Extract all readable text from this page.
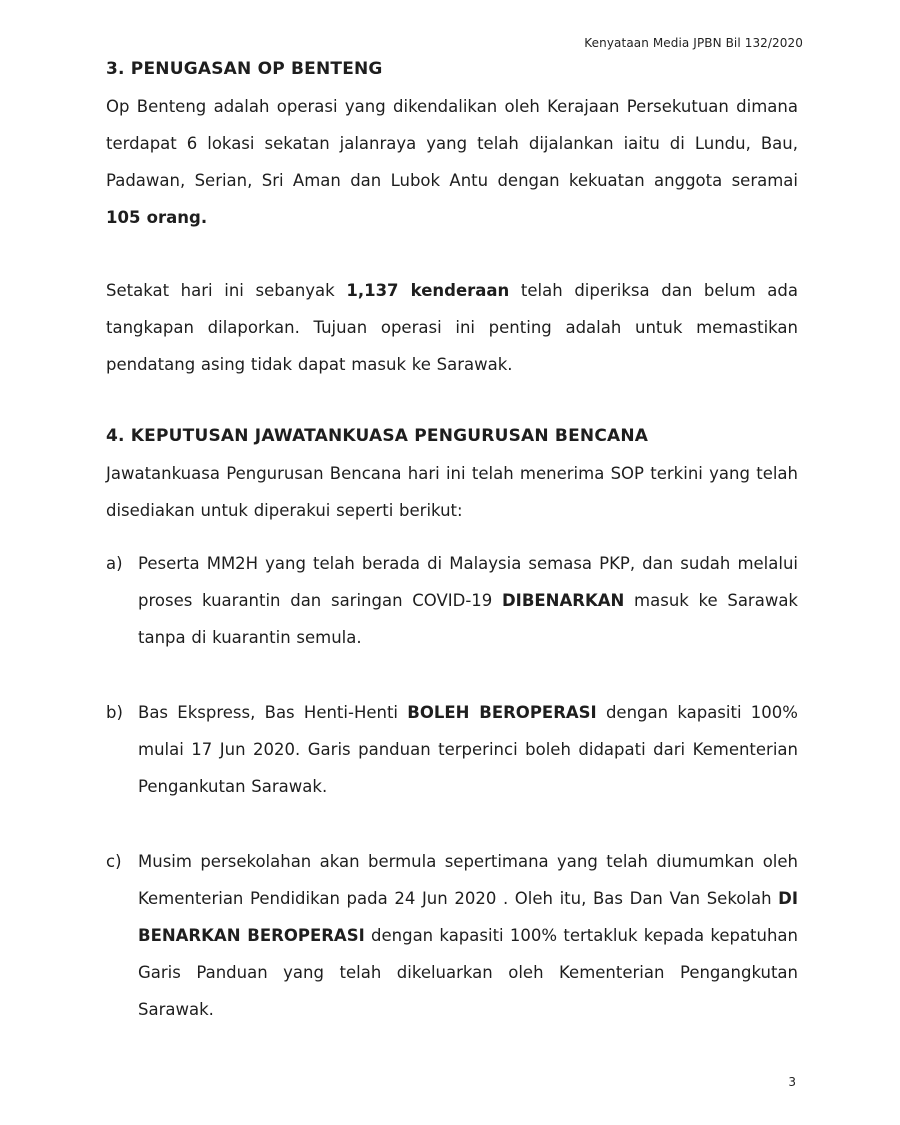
Kenyataan Media JPBN Bil 132/2020
3. PENUGASAN OP BENTENG

Op Benteng adalah operasi yang dikendalikan oleh Kerajaan Persekutuan dimana terdapat 6 lokasi sekatan jalanraya yang telah dijalankan iaitu di Lundu, Bau, Padawan, Serian, Sri Aman dan Lubok Antu dengan kekuatan anggota seramai 105 orang.

Setakat hari ini sebanyak 1,137 kenderaan telah diperiksa dan belum ada tangkapan dilaporkan. Tujuan operasi ini penting adalah untuk memastikan pendatang asing tidak dapat masuk ke Sarawak.

4. KEPUTUSAN JAWATANKUASA PENGURUSAN BENCANA

Jawatankuasa Pengurusan Bencana hari ini telah menerima SOP terkini yang telah disediakan untuk diperakui seperti berikut:

a) Peserta MM2H yang telah berada di Malaysia semasa PKP, dan sudah melalui proses kuarantin dan saringan COVID-19 DIBENARKAN masuk ke Sarawak tanpa di kuarantin semula.

b) Bas Ekspress, Bas Henti-Henti BOLEH BEROPERASI dengan kapasiti 100% mulai 17 Jun 2020. Garis panduan terperinci boleh didapati dari Kementerian Pengankutan Sarawak.

c) Musim persekolahan akan bermula sepertimana yang telah diumumkan oleh Kementerian Pendidikan pada 24 Jun 2020 . Oleh itu, Bas Dan Van Sekolah DI BENARKAN BEROPERASI dengan kapasiti 100% tertakluk kepada kepatuhan Garis Panduan yang telah dikeluarkan oleh Kementerian Pengangkutan Sarawak.

3
